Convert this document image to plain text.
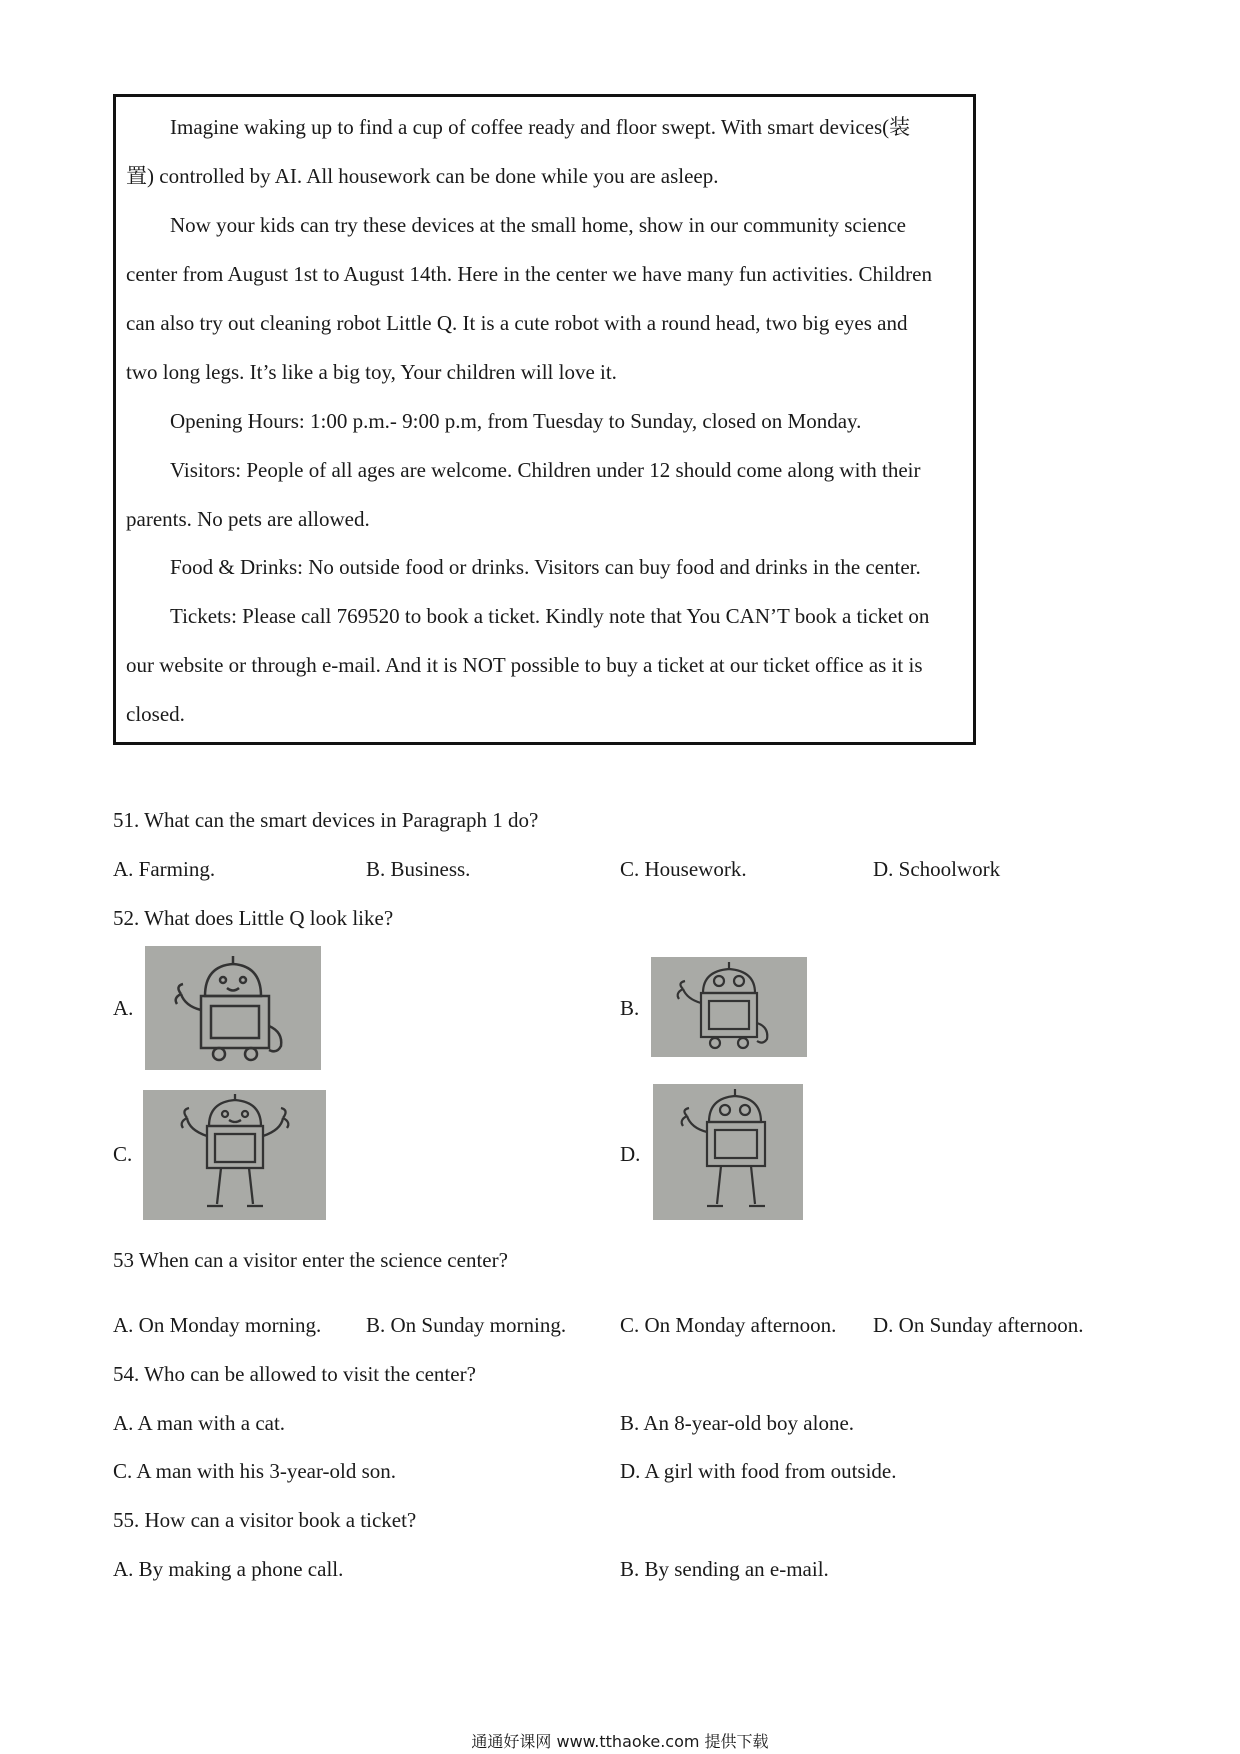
Imagine waking up to find a cup of coffee ready and floor swept. With smart devices(装
置) controlled by AI. All housework can be done while you are asleep.
Now your kids can try these devices at the small home, show in our community science
center from August 1st to August 14th. Here in the center we have many fun activities. Children
can also try out cleaning robot Little Q. It is a cute robot with a round head, two big eyes and
two long legs. It’s like a big toy, Your children will love it.
Opening Hours: 1:00 p.m.- 9:00 p.m, from Tuesday to Sunday, closed on Monday.
Visitors: People of all ages are welcome. Children under 12 should come along with their
parents. No pets are allowed.
Food & Drinks: No outside food or drinks. Visitors can buy food and drinks in the center.
Tickets: Please call 769520 to book a ticket. Kindly note that You CAN’T book a ticket on
our website or through e-mail. And it is NOT possible to buy a ticket at our ticket office as it is
closed.
51. What can the smart devices in Paragraph 1 do?
A. Farming.	B. Business.	C. Housework.	D. Schoolwork
52. What does Little Q look like?
A.	B.
C.	D.
53 When can a visitor enter the science center?
A. On Monday morning. B. On Sunday morning.	C. On Monday afternoon. D. On Sunday afternoon.
54. Who can be allowed to visit the center?
A. A man with a cat.	B. An 8-year-old boy alone.
C. A man with his 3-year-old son.	D. A girl with food from outside.
55. How can a visitor book a ticket?
A. By making a phone call.	B. By sending an e-mail.
通通好课网 www.tthaoke.com 提供下载
